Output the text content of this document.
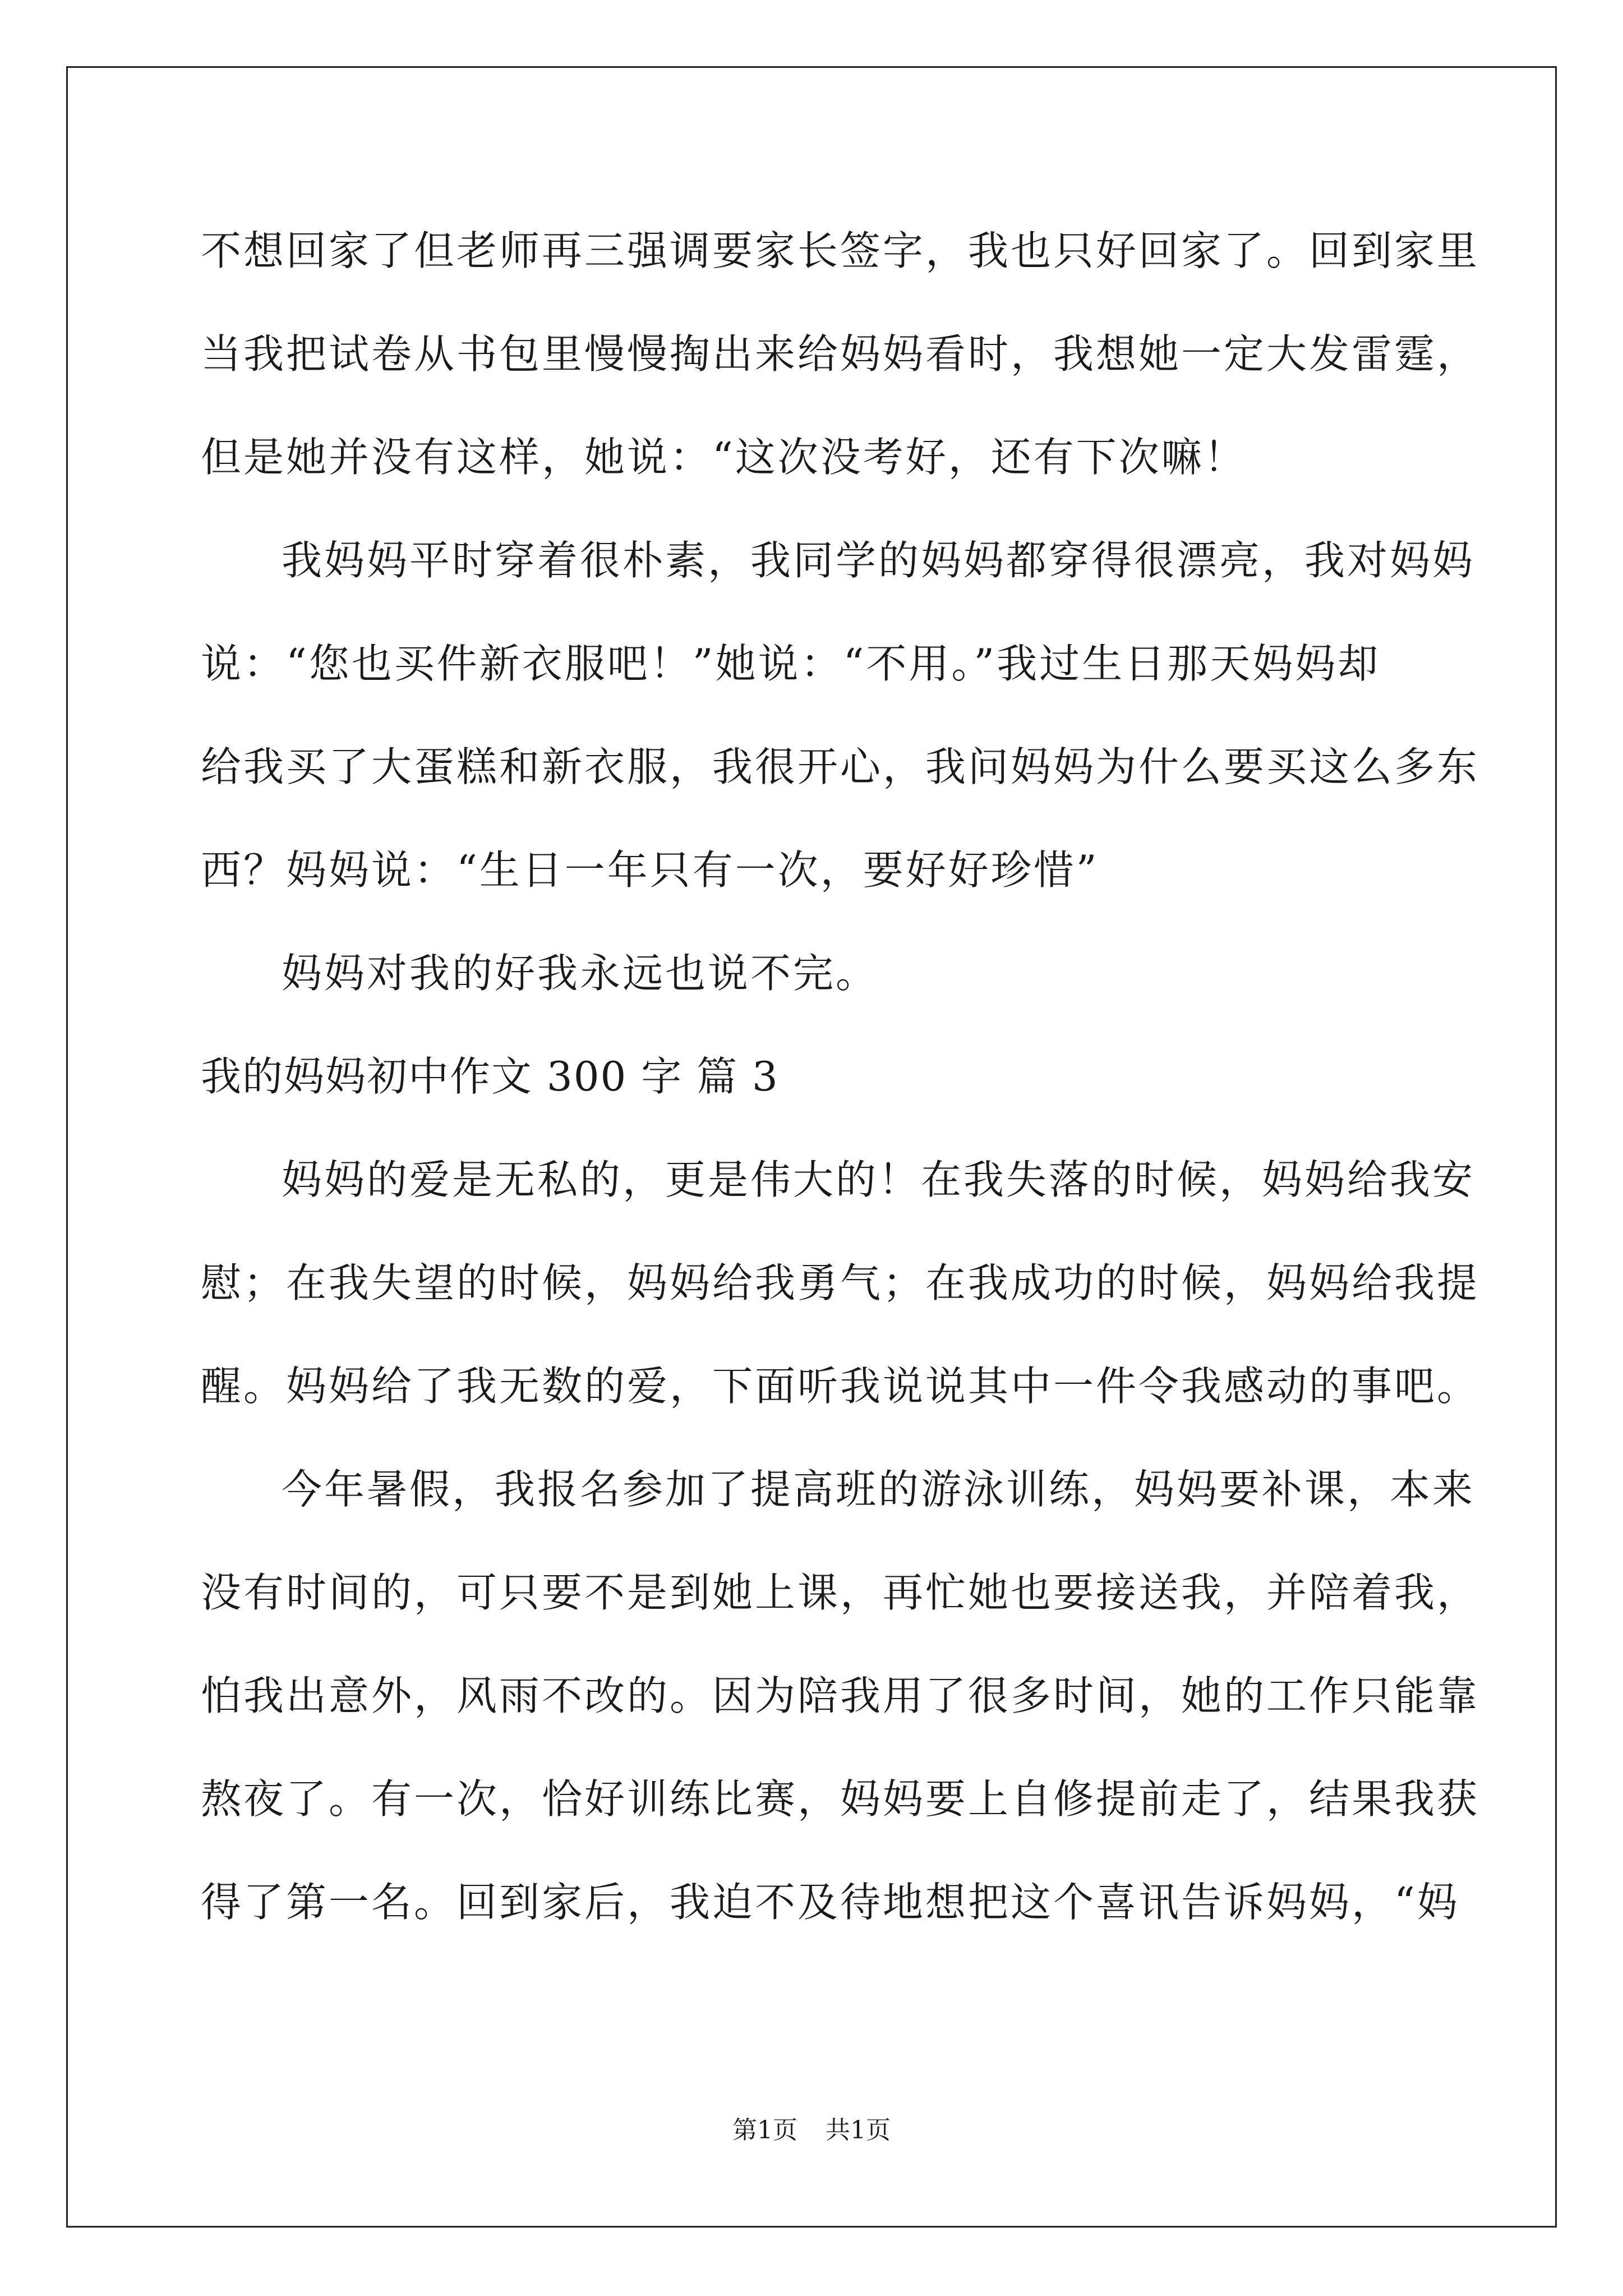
不想回家了但老师再三强调要家长签字，我也只好回家了。回到家里
当我把试卷从书包里慢慢掏出来给妈妈看时，我想她一定大发雷霆，
但是她并没有这样，她说：“这次没考好，还有下次嘛！
我妈妈平时穿着很朴素，我同学的妈妈都穿得很漂亮，我对妈妈
说：“您也买件新衣服吧！”她说：“不用。”我过生日那天妈妈却
给我买了大蛋糕和新衣服，我很开心，我问妈妈为什么要买这么多东
西？妈妈说：“生日一年只有一次，要好好珍惜”
妈妈对我的好我永远也说不完。
我的妈妈初中作文 300 字 篇 3
妈妈的爱是无私的，更是伟大的！在我失落的时候，妈妈给我安
慰；在我失望的时候，妈妈给我勇气；在我成功的时候，妈妈给我提
醒。妈妈给了我无数的爱，下面听我说说其中一件令我感动的事吧。
今年暑假，我报名参加了提高班的游泳训练，妈妈要补课，本来
没有时间的，可只要不是到她上课，再忙她也要接送我，并陪着我，
怕我出意外，风雨不改的。因为陪我用了很多时间，她的工作只能靠
熬夜了。有一次，恰好训练比赛，妈妈要上自修提前走了，结果我获
得了第一名。回到家后，我迫不及待地想把这个喜讯告诉妈妈，“妈
第1页 共1页
